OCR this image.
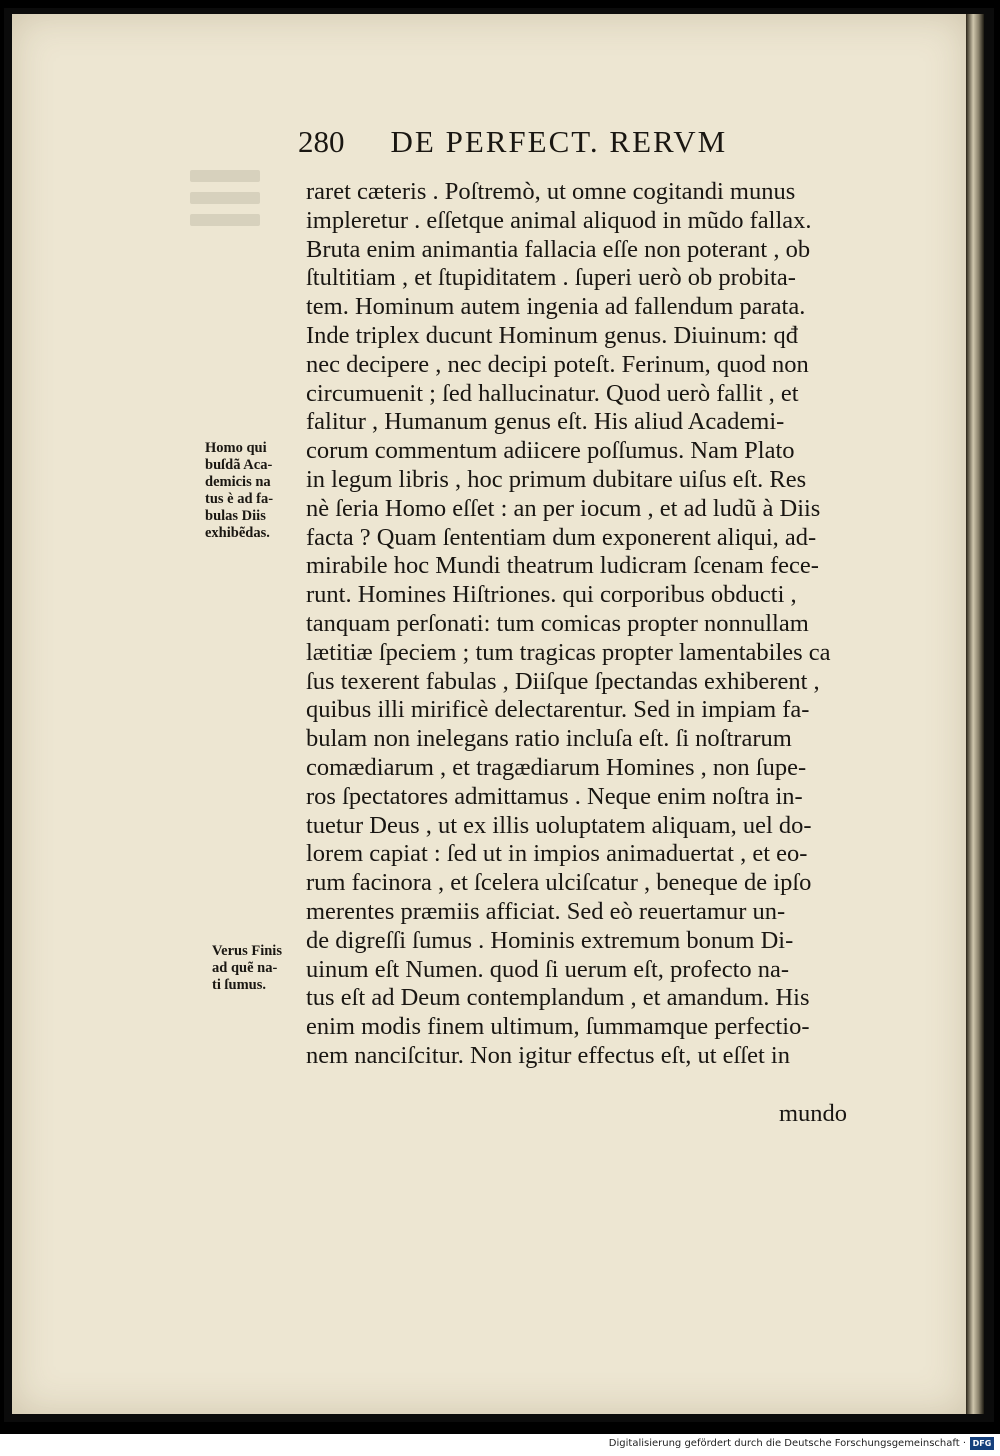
280 DE PERFECT. RERVM
raret cæteris . Poſtremò, ut omne cogitandi munus
impleretur . eſſetque animal aliquod in mũdo fallax.
Bruta enim animantia fallacia eſſe non poterant , ob
ſtultitiam , et ſtupiditatem . ſuperi uerò ob probita-
tem. Hominum autem ingenia ad fallendum parata.
Inde triplex ducunt Hominum genus. Diuinum: qđ
nec decipere , nec decipi poteſt. Ferinum, quod non
circumuenit ; ſed hallucinatur. Quod uerò fallit , et
falitur , Humanum genus eſt. His aliud Academi-
corum commentum adiicere poſſumus. Nam Plato
in legum libris , hoc primum dubitare uiſus eſt. Res
nè ſeria Homo eſſet : an per iocum , et ad ludũ à Diis
facta ? Quam ſententiam dum exponerent aliqui, ad-
mirabile hoc Mundi theatrum ludicram ſcenam fece-
runt. Homines Hiſtriones. qui corporibus obducti ,
tanquam perſonati: tum comicas propter nonnullam
lætitiæ ſpeciem ; tum tragicas propter lamentabiles ca
ſus texerent fabulas , Diiſque ſpectandas exhiberent ,
quibus illi mirificè delectarentur. Sed in impiam fa-
bulam non inelegans ratio incluſa eſt. ſi noſtrarum
comædiarum , et tragædiarum Homines , non ſupe-
ros ſpectatores admittamus . Neque enim noſtra in-
tuetur Deus , ut ex illis uoluptatem aliquam, uel do-
lorem capiat : ſed ut in impios animaduertat , et eo-
rum facinora , et ſcelera ulciſcatur , beneque de ipſo
merentes præmiis afficiat. Sed eò reuertamur un-
de digreſſi ſumus . Hominis extremum bonum Di-
uinum eſt Numen. quod ſi uerum eſt, profecto na-
tus eſt ad Deum contemplandum , et amandum. His
enim modis finem ultimum, ſummamque perfectio-
nem nanciſcitur. Non igitur effectus eſt, ut eſſet in
mundo
Homo qui
buſdã Aca-
demicis na
tus è ad fa-
bulas Diis
exhibẽdas.
Verus Finis
ad quẽ na-
ti ſumus.
Digitalisierung gefördert durch die Deutsche Forschungsgemeinschaft · DFG
